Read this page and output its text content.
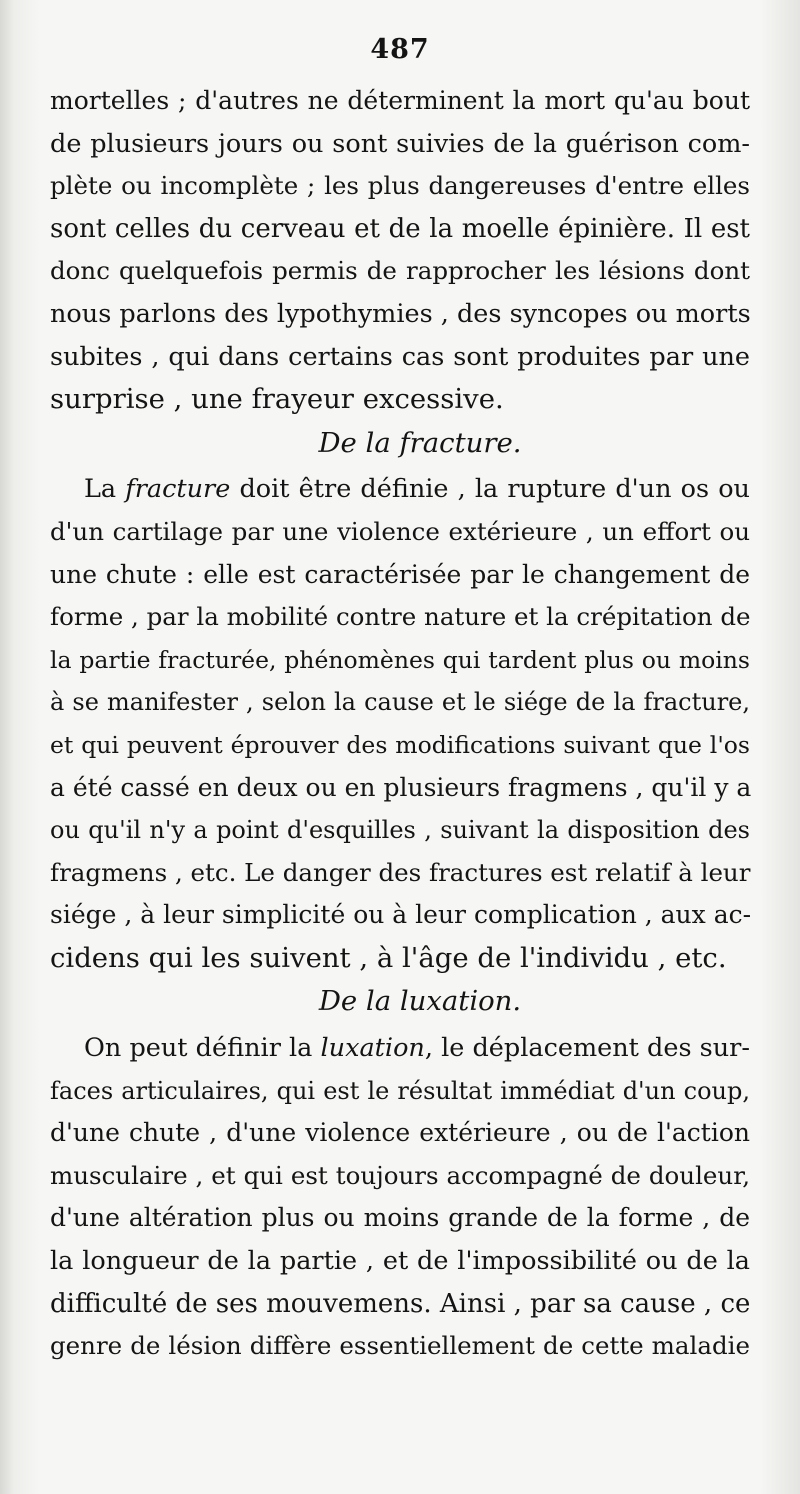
487
mortelles ; d'autres ne déterminent la mort qu'au bout
de plusieurs jours ou sont suivies de la guérison com-
plète ou incomplète ; les plus dangereuses d'entre elles
sont celles du cerveau et de la moelle épinière. Il est
donc quelquefois permis de rapprocher les lésions dont
nous parlons des lypothymies , des syncopes ou morts
subites , qui dans certains cas sont produites par une
surprise , une frayeur excessive.
De la fracture.
La fracture doit être définie , la rupture d'un os ou
d'un cartilage par une violence extérieure , un effort ou
une chute : elle est caractérisée par le changement de
forme , par la mobilité contre nature et la crépitation de
la partie fracturée, phénomènes qui tardent plus ou moins
à se manifester , selon la cause et le siége de la fracture,
et qui peuvent éprouver des modifications suivant que l'os
a été cassé en deux ou en plusieurs fragmens , qu'il y a
ou qu'il n'y a point d'esquilles , suivant la disposition des
fragmens , etc. Le danger des fractures est relatif à leur
siége , à leur simplicité ou à leur complication , aux ac-
cidens qui les suivent , à l'âge de l'individu , etc.
De la luxation.
On peut définir la luxation, le déplacement des sur-
faces articulaires, qui est le résultat immédiat d'un coup,
d'une chute , d'une violence extérieure , ou de l'action
musculaire , et qui est toujours accompagné de douleur,
d'une altération plus ou moins grande de la forme , de
la longueur de la partie , et de l'impossibilité ou de la
difficulté de ses mouvemens. Ainsi , par sa cause , ce
genre de lésion diffère essentiellement de cette maladie
